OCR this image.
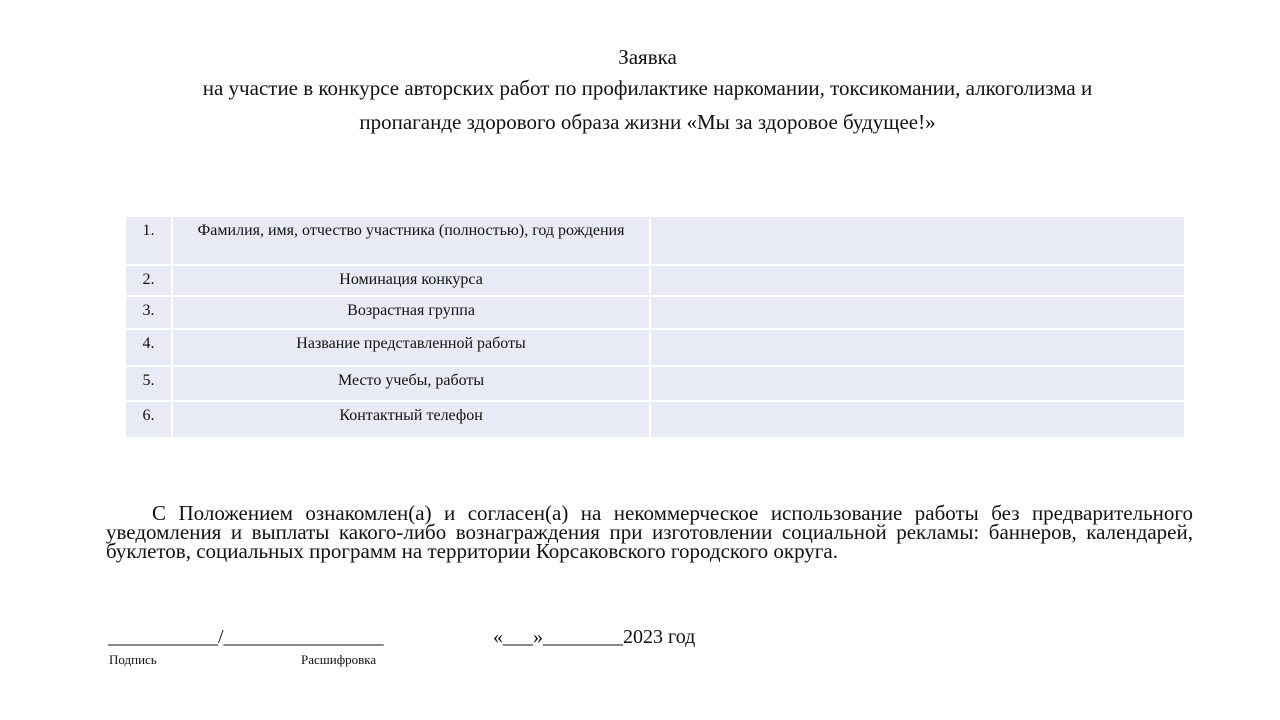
Заявка
на участие в конкурсе авторских работ по профилактике наркомании, токсикомании, алкоголизма и
пропаганде здорового образа жизни «Мы за здоровое будущее!»
1.	Фамилия, имя, отчество участника (полностью), год рождения	
2.	Номинация конкурса	
3.	Возрастная группа	
4.	Название представленной работы	
5.	Место учебы, работы	
6.	Контактный телефон	
С Положением ознакомлен(а) и согласен(а) на некоммерческое использование работы без предварительного уведомления и выплаты какого-либо вознаграждения при изготовлении социальной рекламы: баннеров, календарей, буклетов, социальных программ на территории Корсаковского городского округа.
___________/________________	«___»________2023 год
Подпись	Расшифровка
